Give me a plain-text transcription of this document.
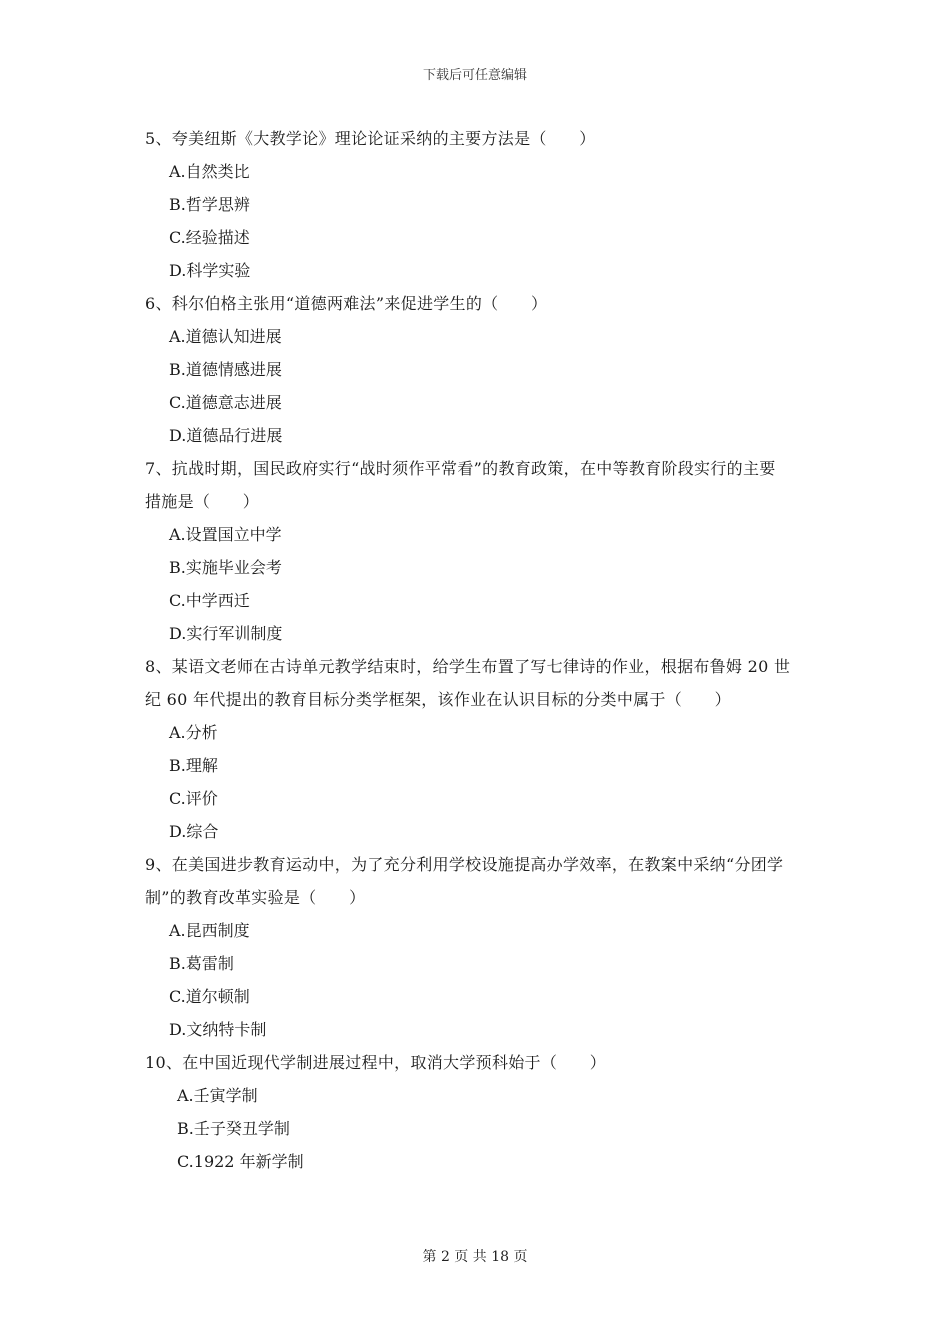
下载后可任意编辑
5、夸美纽斯《大教学论》理论论证采纳的主要方法是（　　）
A.自然类比
B.哲学思辨
C.经验描述
D.科学实验
6、科尔伯格主张用“道德两难法”来促进学生的（　　）
A.道德认知进展
B.道德情感进展
C.道德意志进展
D.道德品行进展
7、抗战时期，国民政府实行“战时须作平常看”的教育政策，在中等教育阶段实行的主要
措施是（　　）
A.设置国立中学
B.实施毕业会考
C.中学西迁
D.实行军训制度
8、某语文老师在古诗单元教学结束时，给学生布置了写七律诗的作业，根据布鲁姆 20 世
纪 60 年代提出的教育目标分类学框架，该作业在认识目标的分类中属于（　　）
A.分析
B.理解
C.评价
D.综合
9、在美国进步教育运动中，为了充分利用学校设施提高办学效率，在教案中采纳“分团学
制”的教育改革实验是（　　）
A.昆西制度
B.葛雷制
C.道尔顿制
D.文纳特卡制
10、在中国近现代学制进展过程中，取消大学预科始于（　　）
A.壬寅学制
B.壬子癸丑学制
C.1922 年新学制
第 2 页 共 18 页
